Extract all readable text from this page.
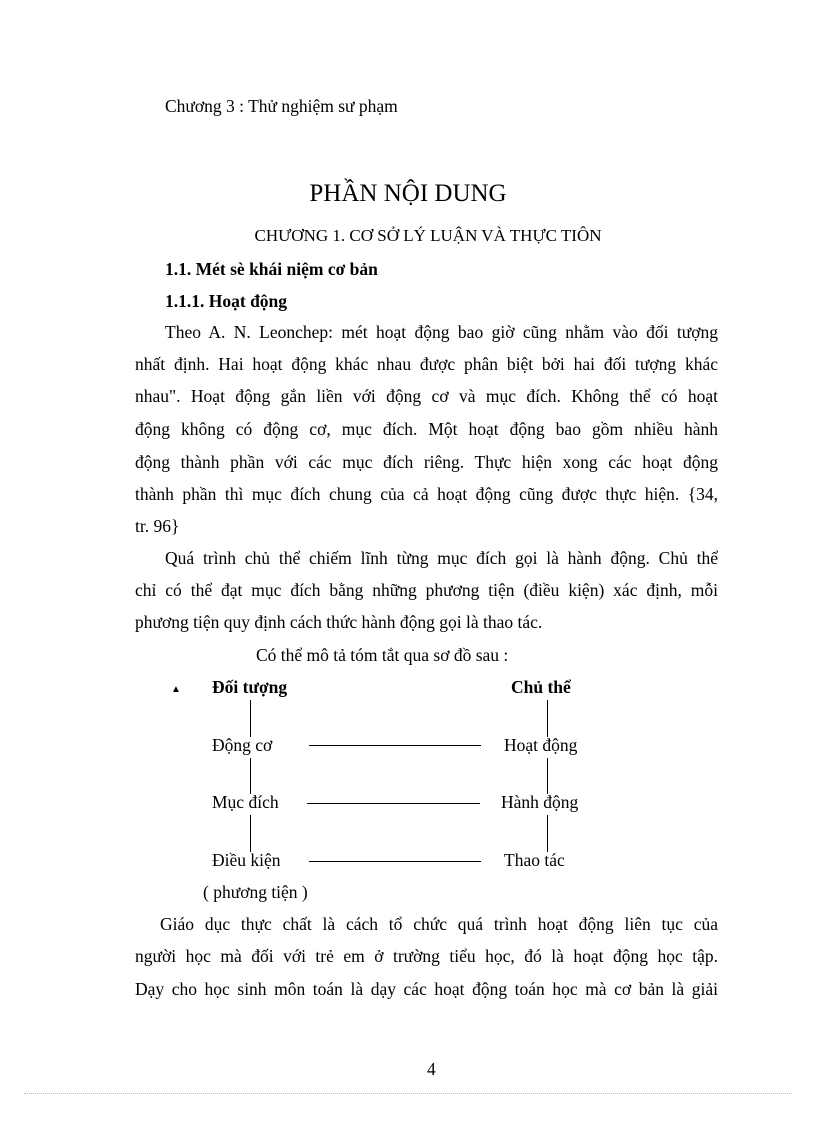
Chương 3 : Thử nghiệm sư phạm
PHẦN NỘI DUNG
CHƯƠNG 1. CƠ SỞ LÝ LUẬN VÀ THỰC TIÔN
1.1. Mét sè khái niệm cơ bản
1.1.1. Hoạt động
Theo A. N. Leonchep: mét hoạt động bao giờ cũng nhằm vào đối tượng
nhất định. Hai hoạt động khác nhau được phân biệt bởi hai đối tượng khác
nhau". Hoạt động gắn liền với động cơ và mục đích. Không thể có hoạt
động không có động cơ, mục đích. Một hoạt động bao gồm nhiều hành
động thành phần với các mục đích riêng. Thực hiện xong các hoạt động
thành phần thì mục đích chung của cả hoạt động cũng được thực hiện. {34,
tr. 96}
Quá trình chủ thể chiếm lĩnh từng mục đích gọi là hành động. Chủ thể
chỉ có thể đạt mục đích bằng những phương tiện (điều kiện) xác định, mỗi
phương tiện quy định cách thức hành động gọi là thao tác.
Có thể mô tả tóm tắt qua sơ đồ sau :
▲ Đối tượng	Chủ thể
Động cơ	Hoạt động
Mục đích	Hành động
Điều kiện	Thao tác
( phương tiện )
Giáo dục thực chất là cách tổ chức quá trình hoạt động liên tục của
người học mà đối với trẻ em ở trường tiểu học, đó là hoạt động học tập.
Dạy cho học sinh môn toán là dạy các hoạt động toán học mà cơ bản là giải
4
